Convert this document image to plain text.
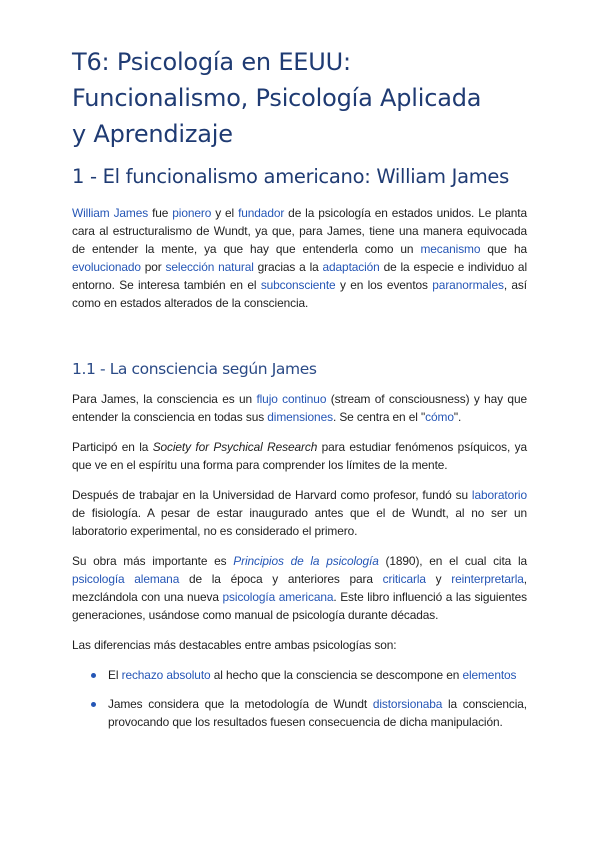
T6: Psicología en EEUU:
Funcionalismo, Psicología Aplicada
y Aprendizaje
1 - El funcionalismo americano: William James

William James fue pionero y el fundador de la psicología en estados unidos. Le planta cara al estructuralismo de Wundt, ya que, para James, tiene una manera equivocada de entender la mente, ya que hay que entenderla como un mecanismo que ha evolucionado por selección natural gracias a la adaptación de la especie e individuo al entorno. Se interesa también en el subconsciente y en los eventos paranormales, así como en estados alterados de la consciencia.

1.1 - La consciencia según James

Para James, la consciencia es un flujo continuo (stream of consciousness) y hay que entender la consciencia en todas sus dimensiones. Se centra en el "cómo".

Participó en la Society for Psychical Research para estudiar fenómenos psíquicos, ya que ve en el espíritu una forma para comprender los límites de la mente.

Después de trabajar en la Universidad de Harvard como profesor, fundó su laboratorio de fisiología. A pesar de estar inaugurado antes que el de Wundt, al no ser un laboratorio experimental, no es considerado el primero.

Su obra más importante es Principios de la psicología (1890), en el cual cita la psicología alemana de la época y anteriores para criticarla y reinterpretarla, mezclándola con una nueva psicología americana. Este libro influenció a las siguientes generaciones, usándose como manual de psicología durante décadas.

Las diferencias más destacables entre ambas psicologías son:

El rechazo absoluto al hecho que la consciencia se descompone en elementos
James considera que la metodología de Wundt distorsionaba la consciencia, provocando que los resultados fuesen consecuencia de dicha manipulación.
